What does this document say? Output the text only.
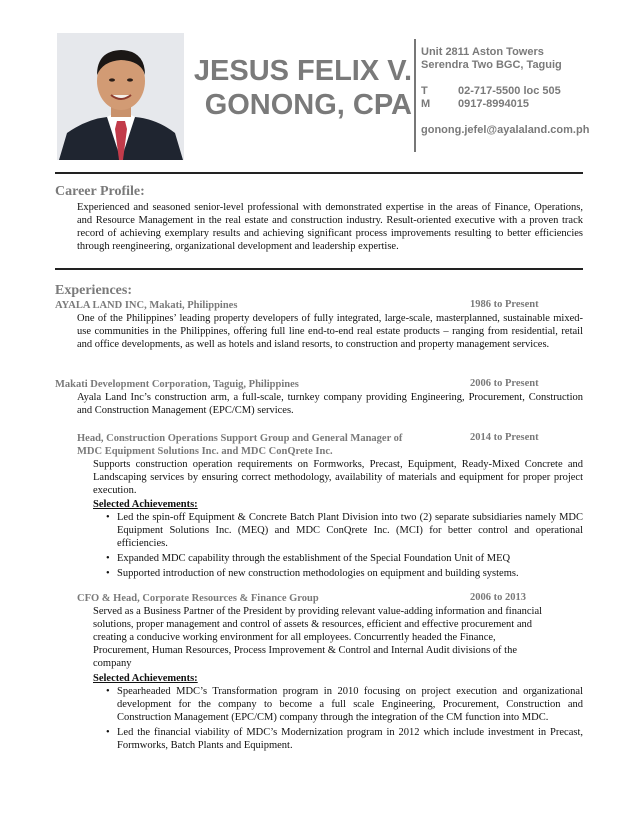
JESUS FELIX V.
GONONG, CPA
Unit 2811 Aston Towers
Serendra Two BGC, Taguig
T	02-717-5500 loc 505
M	0917-8994015
gonong.jefel@ayalaland.com.ph
Career Profile:
Experienced and seasoned senior-level professional with demonstrated expertise in the areas of Finance, Operations, and Resource Management in the real estate and construction industry. Result-oriented executive with a proven track record of achieving exemplary results and achieving significant process improvements resulting to better efficiencies through reengineering, organizational development and leadership expertise.
Experiences:
AYALA LAND INC, Makati, Philippines	1986 to Present
One of the Philippines’ leading property developers of fully integrated, large-scale, masterplanned, sustainable mixed-use communities in the Philippines, offering full line end-to-end real estate products – ranging from residential, retail and office developments, as well as hotels and island resorts, to construction and property management services.
Makati Development Corporation, Taguig, Philippines	2006 to Present
Ayala Land Inc’s construction arm, a full-scale, turnkey company providing Engineering, Procurement, Construction and Construction Management (EPC/CM) services.
Head, Construction Operations Support Group and General Manager of
MDC Equipment Solutions Inc. and MDC ConQrete Inc.
2014 to Present
Supports construction operation requirements on Formworks, Precast, Equipment, Ready-Mixed Concrete and Landscaping services by ensuring correct methodology, availability of materials and equipment for proper project execution.
Selected Achievements:
• Led the spin-off Equipment & Concrete Batch Plant Division into two (2) separate subsidiaries namely MDC Equipment Solutions Inc. (MEQ) and MDC ConQrete Inc. (MCI) for better control and operational efficiencies.
• Expanded MDC capability through the establishment of the Special Foundation Unit of MEQ
• Supported introduction of new construction methodologies on equipment and building systems.
CFO & Head, Corporate Resources & Finance Group	2006 to 2013
Served as a Business Partner of the President by providing relevant value-adding information and financial solutions, proper management and control of assets & resources, efficient and effective procurement and creating a conducive working environment for all employees. Concurrently headed the Finance, Procurement, Human Resources, Process Improvement & Control and Internal Audit divisions of the company
Selected Achievements:
• Spearheaded MDC’s Transformation program in 2010 focusing on project execution and organizational development for the company to become a full scale Engineering, Procurement, Construction and Construction Management (EPC/CM) company through the integration of the CM function into MDC.
• Led the financial viability of MDC’s Modernization program in 2012 which include investment in Precast, Formworks, Batch Plants and Equipment.
